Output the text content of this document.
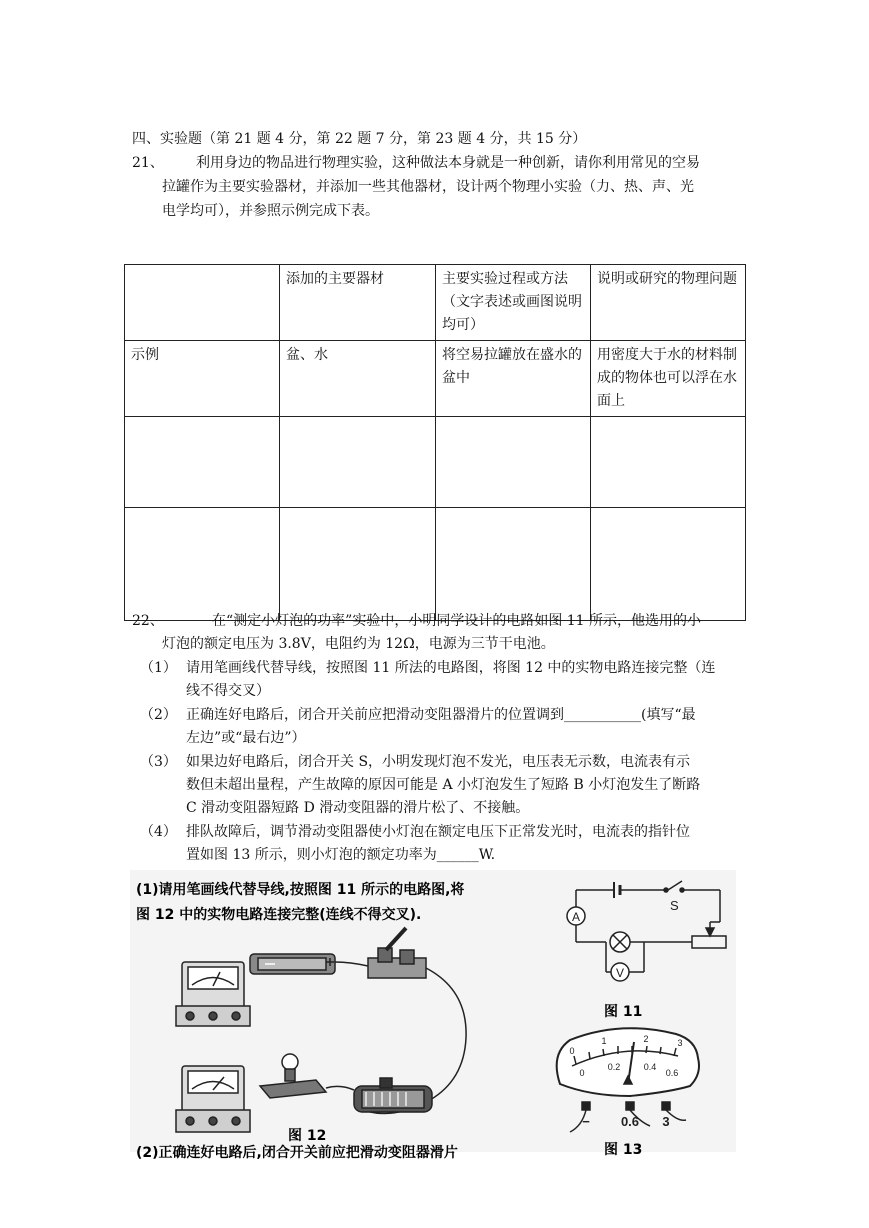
四、实验题（第 21 题 4 分，第 22 题 7 分，第 23 题 4 分，共 15 分）
21、 利用身边的物品进行物理实验，这种做法本身就是一种创新，请你利用常见的空易
拉罐作为主要实验器材，并添加一些其他器材，设计两个物理小实验（力、热、声、光
电学均可），并参照示例完成下表。
	添加的主要器材	主要实验过程或方法（文字表述或画图说明均可）	说明或研究的物理问题
示例	盆、水	将空易拉罐放在盛水的盆中	用密度大于水的材料制成的物体也可以浮在水面上

22、	在“测定小灯泡的功率”实验中，小明同学设计的电路如图 11 所示，他选用的小
灯泡的额定电压为 3.8V，电阻约为 12Ω，电源为三节干电池。
（1） 请用笔画线代替导线，按照图 11 所法的电路图，将图 12 中的实物电路连接完整（连
线不得交叉）
（2） 正确连好电路后，闭合开关前应把滑动变阻器滑片的位置调到___________(填写“最
左边”或“最右边”）
（3） 如果边好电路后，闭合开关 S，小明发现灯泡不发光，电压表无示数，电流表有示
数但未超出量程，产生故障的原因可能是 A 小灯泡发生了短路 B 小灯泡发生了断路
C 滑动变阻器短路 D 滑动变阻器的滑片松了、不接触。
（4） 排队故障后，调节滑动变阻器使小灯泡在额定电压下正常发光时，电流表的指针位
置如图 13 所示，则小灯泡的额定功率为______W.
(1)请用笔画线代替导线,按照图 11 所示的电路图,将
图 12 中的实物电路连接完整(连线不得交叉).
图 12
A
V
S
图 11
0
1	2	3
0
0.2	0.4
0.6
− 0.6 3
图 13
(2)正确连好电路后,闭合开关前应把滑动变阻器滑片
